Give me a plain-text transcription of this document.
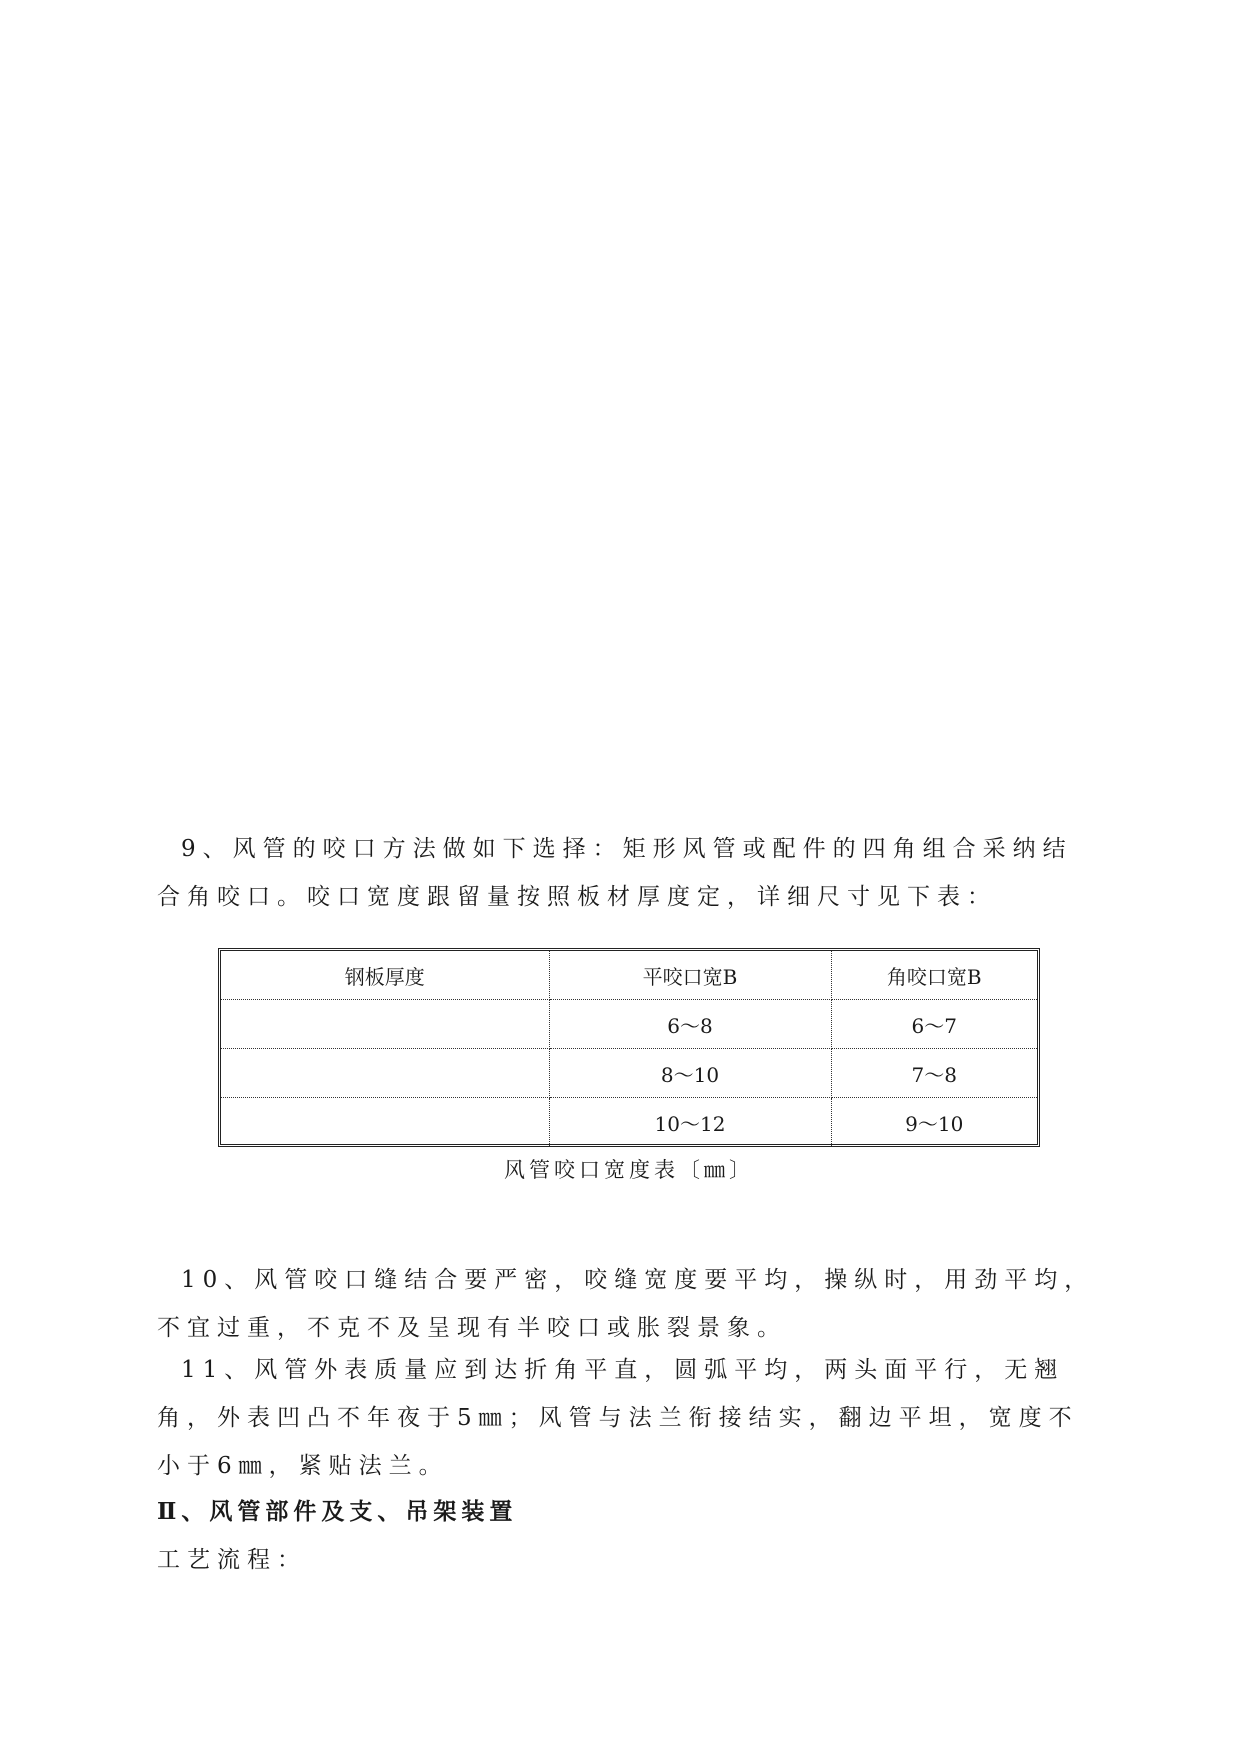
9、风管的咬口方法做如下选择：矩形风管或配件的四角组合采纳结合角咬口。咬口宽度跟留量按照板材厚度定，详细尺寸见下表：

钢板厚度	平咬口宽B	角咬口宽B
	6～8	6～7
	8～10	7～8
	10～12	9～10

风管咬口宽度表〔㎜〕

10、风管咬口缝结合要严密，咬缝宽度要平均，操纵时，用劲平均，不宜过重，不克不及呈现有半咬口或胀裂景象。

11、风管外表质量应到达折角平直，圆弧平均，两头面平行，无翘角，外表凹凸不年夜于5㎜；风管与法兰衔接结实，翻边平坦，宽度不小于6㎜，紧贴法兰。

Ⅱ、风管部件及支、吊架装置

工艺流程：
